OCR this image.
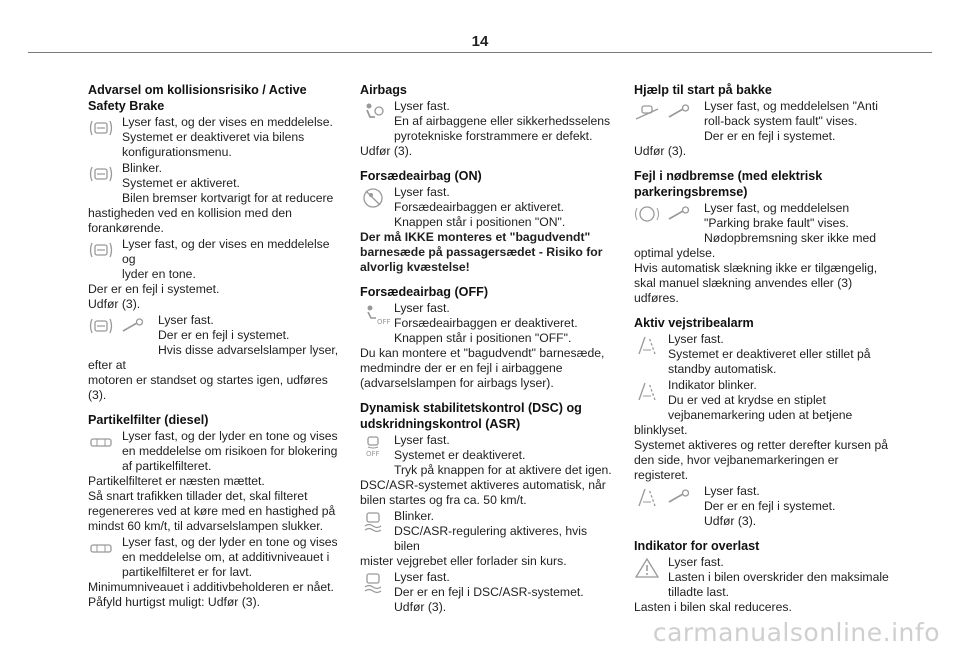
14
Advarsel om kollisionsrisiko / Active Safety Brake
Lyser fast, og der vises en meddelelse.
Systemet er deaktiveret via bilens
konfigurationsmenu.
Blinker.
Systemet er aktiveret.
Bilen bremser kortvarigt for at reducere
hastigheden ved en kollision med den
forankørende.
Lyser fast, og der vises en meddelelse og
lyder en tone.
Der er en fejl i systemet.
Udfør (3).
Lyser fast.
Der er en fejl i systemet.
Hvis disse advarselslamper lyser, efter at
motoren er standset og startes igen, udføres (3).
Partikelfilter (diesel)
Lyser fast, og der lyder en tone og vises
en meddelelse om risikoen for blokering
af partikelfilteret.
Partikelfilteret er næsten mættet.
Så snart trafikken tillader det, skal filteret
regenereres ved at køre med en hastighed på
mindst 60 km/t, til advarselslampen slukker.
Lyser fast, og der lyder en tone og vises
en meddelelse om, at additivniveauet i
partikelfilteret er for lavt.
Minimumniveauet i additivbeholderen er nået.
Påfyld hurtigst muligt: Udfør (3).
Airbags
Lyser fast.
En af airbaggene eller sikkerhedsselens
pyrotekniske forstrammere er defekt.
Udfør (3).
Forsædeairbag (ON)
Lyser fast.
Forsædeairbaggen er aktiveret.
Knappen står i positionen "ON".
Der må IKKE monteres et "bagudvendt"
barnesæde på passagersædet - Risiko for
alvorlig kvæstelse!
Forsædeairbag (OFF)
OFF
Lyser fast.
Forsædeairbaggen er deaktiveret.
Knappen står i positionen "OFF".
Du kan montere et "bagudvendt" barnesæde,
medmindre der er en fejl i airbaggene
(advarselslampen for airbags lyser).
Dynamisk stabilitetskontrol (DSC) og udskridningskontrol (ASR)
OFF
Lyser fast.
Systemet er deaktiveret.
Tryk på knappen for at aktivere det igen.
DSC/ASR-systemet aktiveres automatisk, når
bilen startes og fra ca. 50 km/t.
Blinker.
DSC/ASR-regulering aktiveres, hvis bilen
mister vejgrebet eller forlader sin kurs.
Lyser fast.
Der er en fejl i DSC/ASR-systemet.
Udfør (3).
Hjælp til start på bakke
Lyser fast, og meddelelsen "Anti
roll-back system fault" vises.
Der er en fejl i systemet.
Udfør (3).
Fejl i nødbremse (med elektrisk parkeringsbremse)
Lyser fast, og meddelelsen
"Parking brake fault" vises.
Nødopbremsning sker ikke med optimal ydelse.
Hvis automatisk slækning ikke er tilgængelig,
skal manuel slækning anvendes eller (3)
udføres.
Aktiv vejstribealarm
Lyser fast.
Systemet er deaktiveret eller stillet på
standby automatisk.
Indikator blinker.
Du er ved at krydse en stiplet
vejbanemarkering uden at betjene blinklyset.
Systemet aktiveres og retter derefter kursen på
den side, hvor vejbanemarkeringen er registeret.
Lyser fast.
Der er en fejl i systemet.
Udfør (3).
Indikator for overlast
Lyser fast.
Lasten i bilen overskrider den maksimale
tilladte last.
Lasten i bilen skal reduceres.
carmanualsonline.info
